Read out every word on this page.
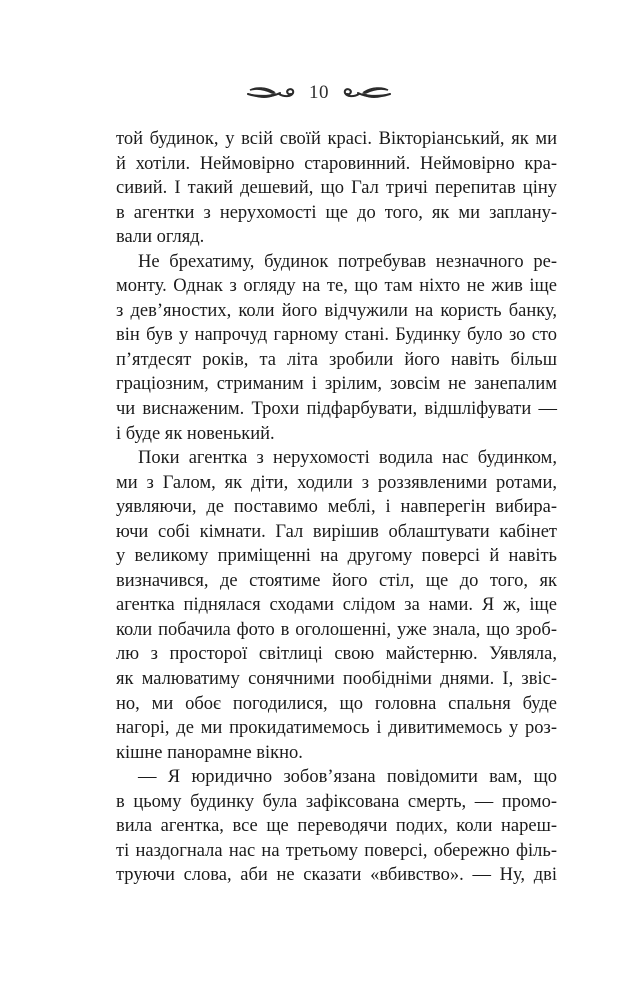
10
той будинок, у всій своїй красі. Вікторіанський, як ми
й хотіли. Неймовірно старовинний. Неймовірно кра-
сивий. І такий дешевий, що Гал тричі перепитав ціну
в агентки з нерухомості ще до того, як ми заплану-
вали огляд.
Не брехатиму, будинок потребував незначного ре-
монту. Однак з огляду на те, що там ніхто не жив іще
з дев’яностих, коли його відчужили на користь банку,
він був у напрочуд гарному стані. Будинку було зо сто
п’ятдесят років, та літа зробили його навіть більш
граціозним, стриманим і зрілим, зовсім не занепалим
чи виснаженим. Трохи підфарбувати, відшліфувати —
і буде як новенький.
Поки агентка з нерухомості водила нас будинком,
ми з Галом, як діти, ходили з роззявленими ротами,
уявляючи, де поставимо меблі, і навперегін вибира-
ючи собі кімнати. Гал вирішив облаштувати кабінет
у великому приміщенні на другому поверсі й навіть
визначився, де стоятиме його стіл, ще до того, як
агентка піднялася сходами слідом за нами. Я ж, іще
коли побачила фото в оголошенні, уже знала, що зроб-
лю з просторої світлиці свою майстерню. Уявляла,
як малюватиму сонячними пообідніми днями. І, звіс-
но, ми обоє погодилися, що головна спальня буде
нагорі, де ми прокидатимемось і дивитимемось у роз-
кішне панорамне вікно.
— Я юридично зобов’язана повідомити вам, що
в цьому будинку була зафіксована смерть, — промо-
вила агентка, все ще переводячи подих, коли нареш-
ті наздогнала нас на третьому поверсі, обережно філь-
труючи слова, аби не сказати «вбивство». — Ну, дві
